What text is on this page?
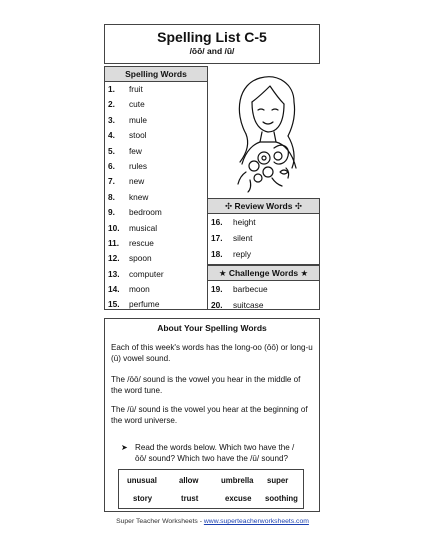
Spelling List C-5
/ōō/ and /ū/
Spelling Words
1. fruit
2. cute
3. mule
4. stool
5. few
6. rules
7. new
8. knew
9. bedroom
10. musical
11. rescue
12. spoon
13. computer
14. moon
15. perfume
✣ Review Words ✣
16. height
17. silent
18. reply
★ Challenge Words ★
19. barbecue
20. suitcase
About Your Spelling Words

Each of this week's words has the long-oo (ōō) or long-u (ū) vowel sound.

The /ōō/ sound is the vowel you hear in the middle of the word tune.

The /ū/ sound is the vowel you hear at the beginning of the word universe.

➤ Read the words below. Which two have the /ōō/ sound? Which two have the /ū/ sound?
unusual	allow	umbrella super
story	trust	excuse soothing
Super Teacher Worksheets - www.superteacherworksheets.com
